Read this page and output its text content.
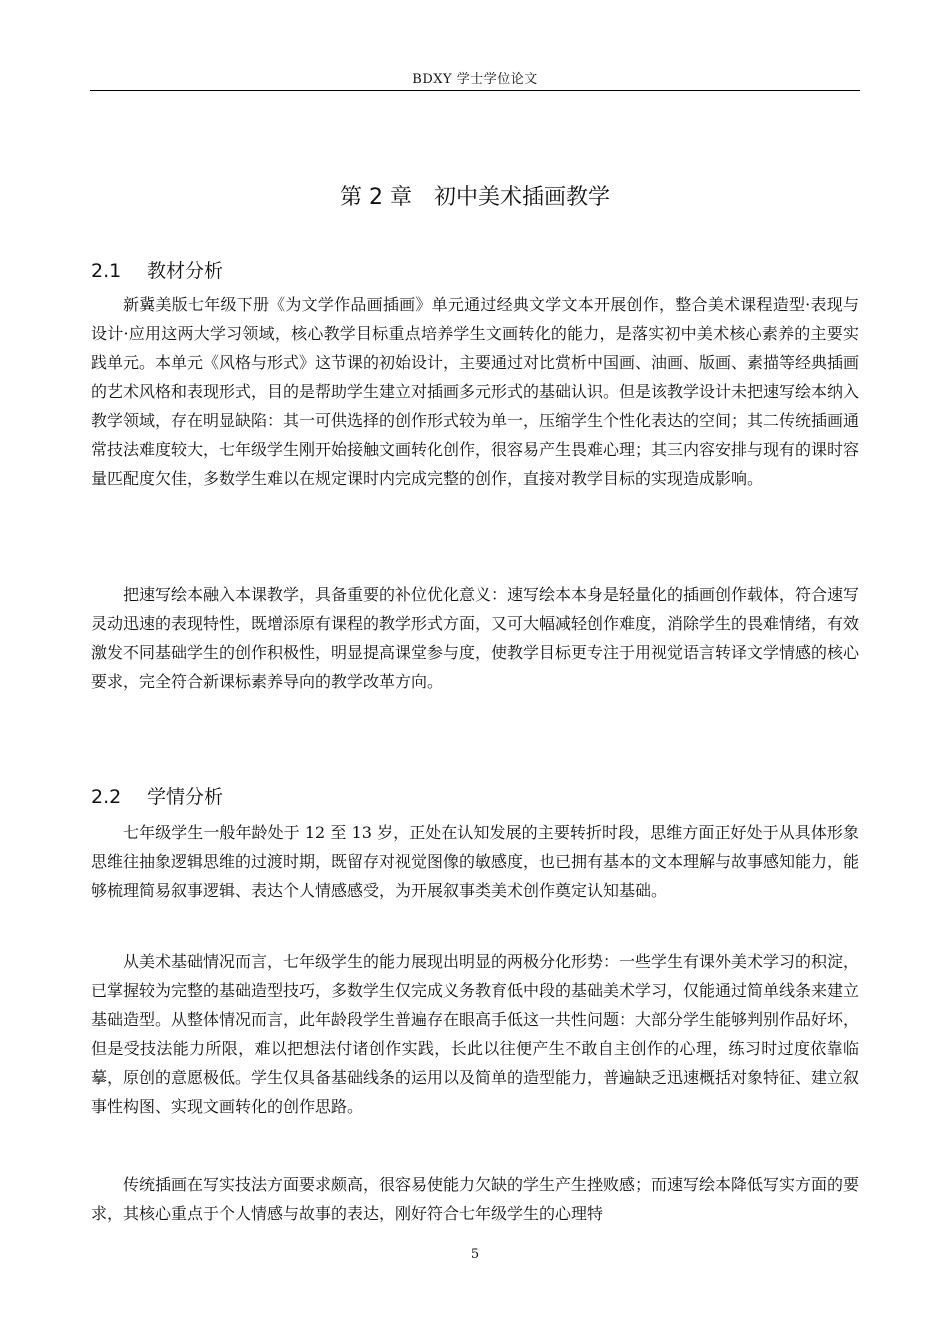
BDXY 学士学位论文
第 2 章　初中美术插画教学
2.1 教材分析

新冀美版七年级下册《为文学作品画插画》单元通过经典文学文本开展创作，整合美术课程造型·表现与设计·应用这两大学习领域，核心教学目标重点培养学生文画转化的能力，是落实初中美术核心素养的主要实践单元。本单元《风格与形式》这节课的初始设计，主要通过对比赏析中国画、油画、版画、素描等经典插画的艺术风格和表现形式，目的是帮助学生建立对插画多元形式的基础认识。但是该教学设计未把速写绘本纳入教学领域，存在明显缺陷：其一可供选择的创作形式较为单一，压缩学生个性化表达的空间；其二传统插画通常技法难度较大，七年级学生刚开始接触文画转化创作，很容易产生畏难心理；其三内容安排与现有的课时容量匹配度欠佳，多数学生难以在规定课时内完成完整的创作，直接对教学目标的实现造成影响。

把速写绘本融入本课教学，具备重要的补位优化意义：速写绘本本身是轻量化的插画创作载体，符合速写灵动迅速的表现特性，既增添原有课程的教学形式方面，又可大幅减轻创作难度，消除学生的畏难情绪，有效激发不同基础学生的创作积极性，明显提高课堂参与度，使教学目标更专注于用视觉语言转译文学情感的核心要求，完全符合新课标素养导向的教学改革方向。

2.2 学情分析

七年级学生一般年龄处于 12 至 13 岁，正处在认知发展的主要转折时段，思维方面正好处于从具体形象思维往抽象逻辑思维的过渡时期，既留存对视觉图像的敏感度，也已拥有基本的文本理解与故事感知能力，能够梳理简易叙事逻辑、表达个人情感感受，为开展叙事类美术创作奠定认知基础。

从美术基础情况而言，七年级学生的能力展现出明显的两极分化形势：一些学生有课外美术学习的积淀，已掌握较为完整的基础造型技巧，多数学生仅完成义务教育低中段的基础美术学习，仅能通过简单线条来建立基础造型。从整体情况而言，此年龄段学生普遍存在眼高手低这一共性问题：大部分学生能够判别作品好坏，但是受技法能力所限，难以把想法付诸创作实践，长此以往便产生不敢自主创作的心理，练习时过度依靠临摹，原创的意愿极低。学生仅具备基础线条的运用以及简单的造型能力，普遍缺乏迅速概括对象特征、建立叙事性构图、实现文画转化的创作思路。

传统插画在写实技法方面要求颇高，很容易使能力欠缺的学生产生挫败感；而速写绘本降低写实方面的要求，其核心重点于个人情感与故事的表达，刚好符合七年级学生的心理特

5
